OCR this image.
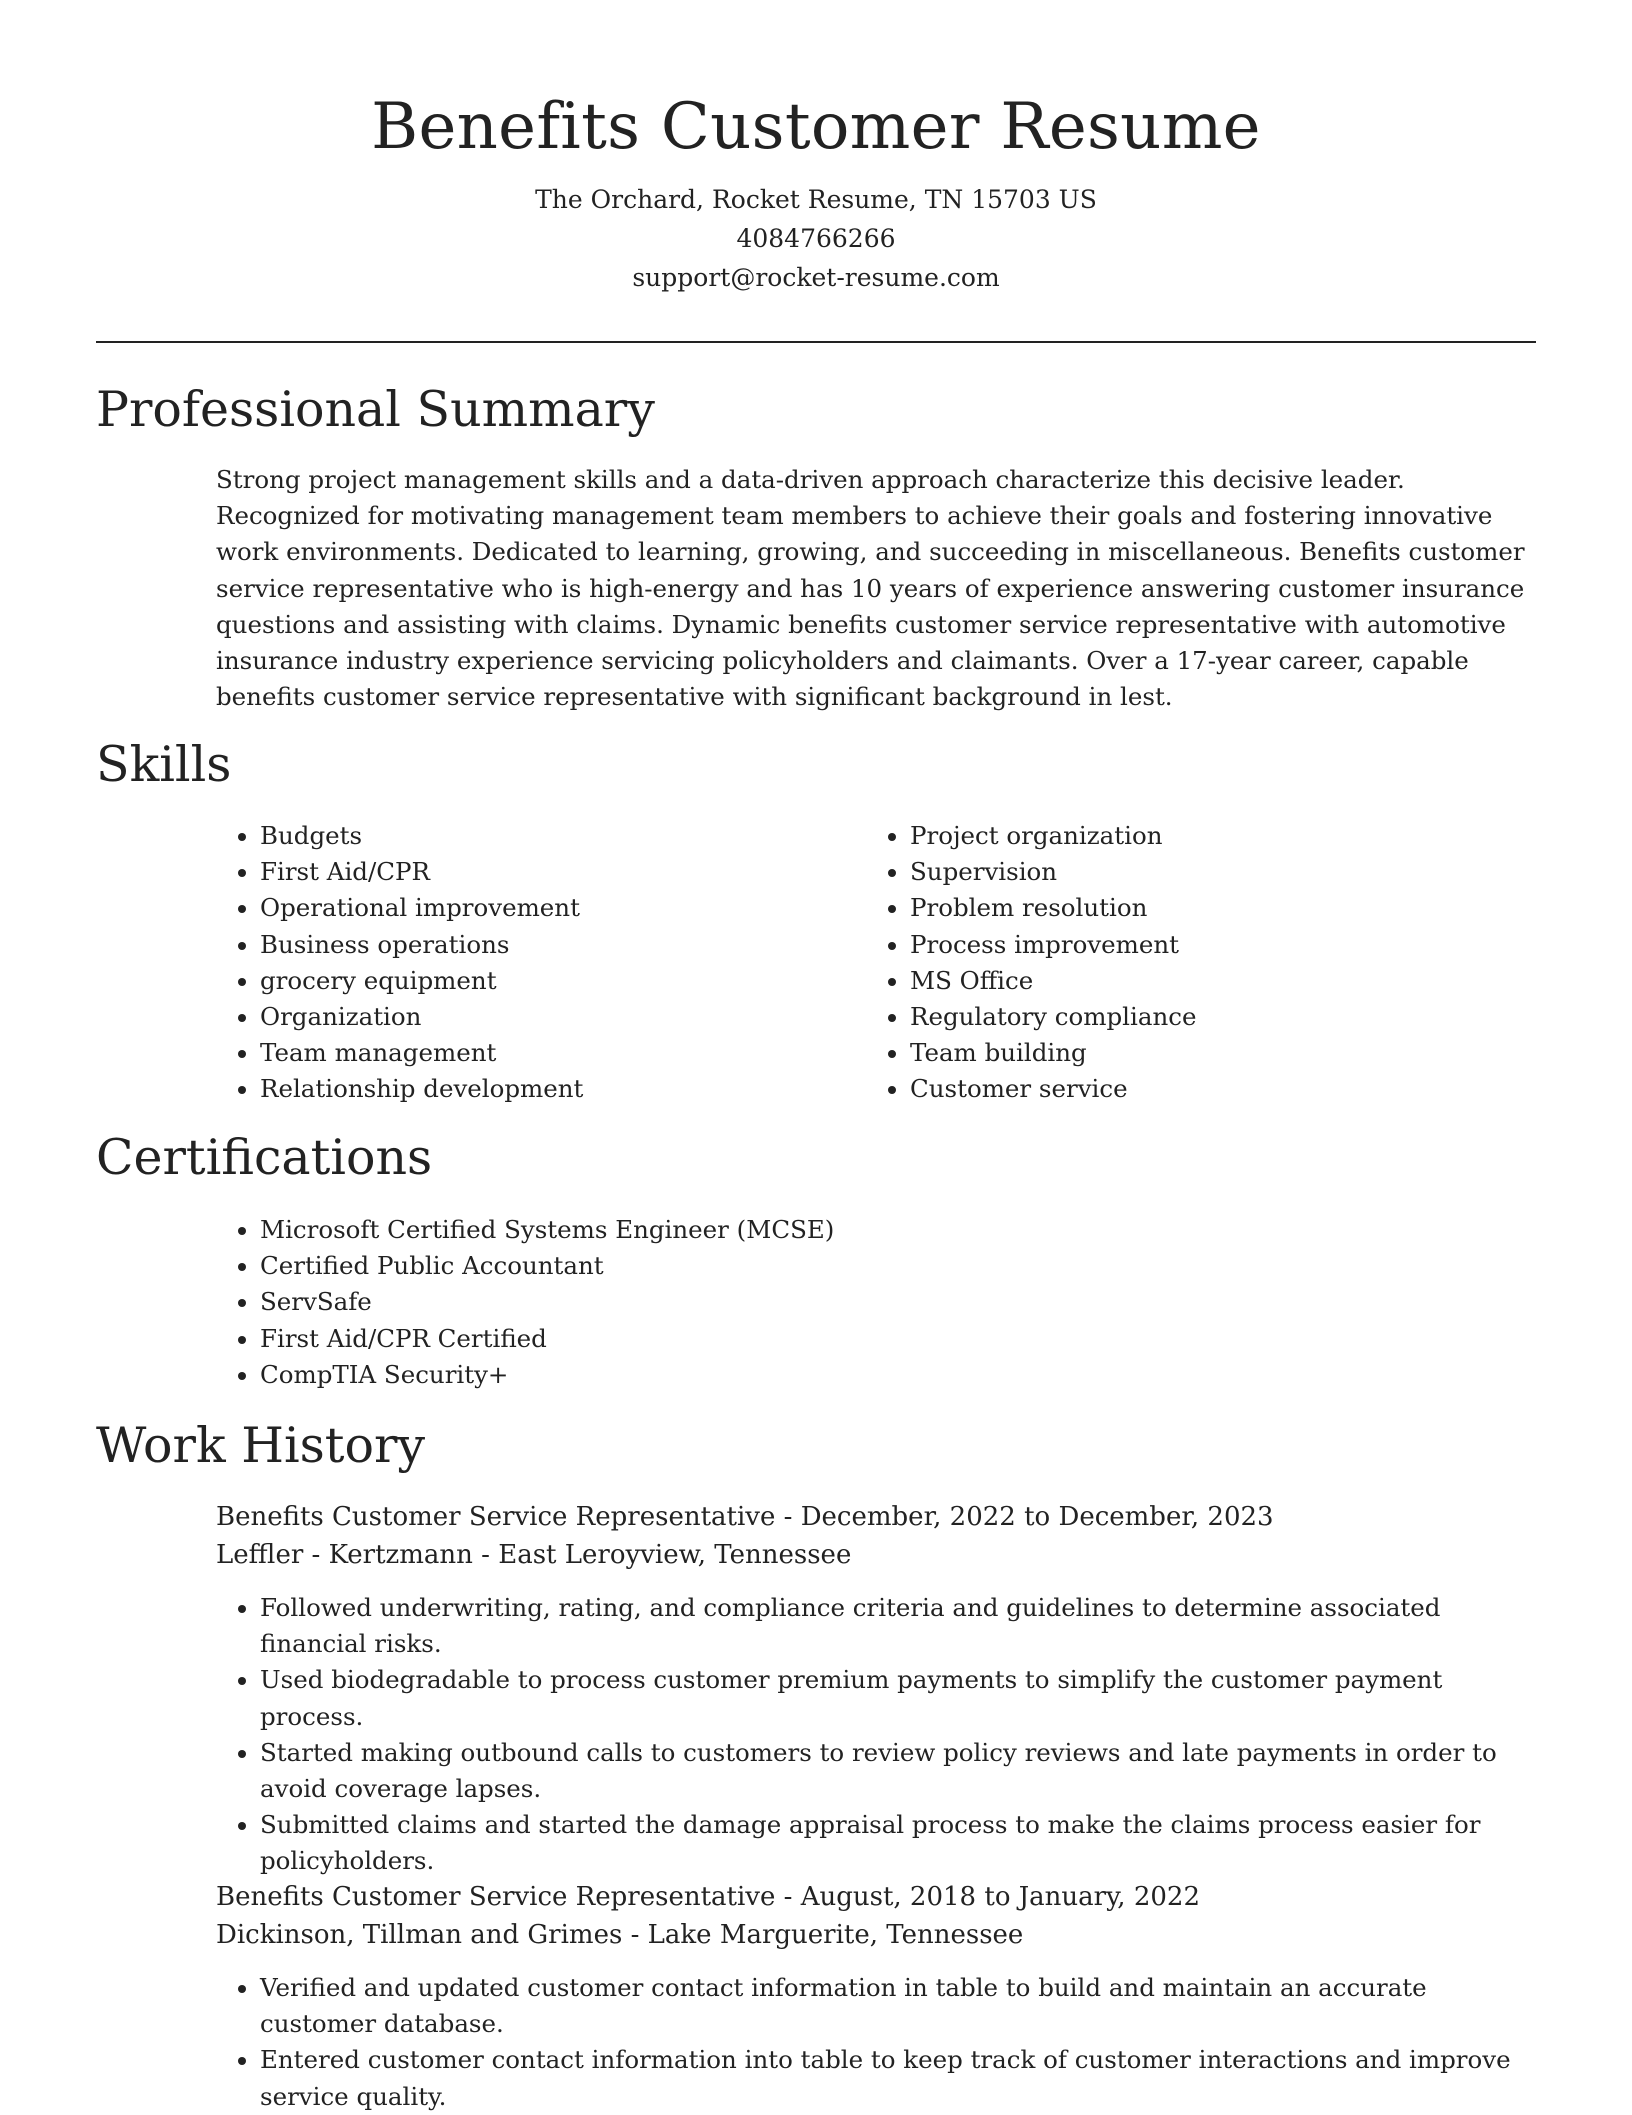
Benefits Customer Resume
The Orchard, Rocket Resume, TN 15703 US
4084766266
support@rocket-resume.com
Professional Summary

Strong project management skills and a data-driven approach characterize this decisive leader. Recognized for motivating management team members to achieve their goals and fostering innovative work environments. Dedicated to learning, growing, and succeeding in miscellaneous. Benefits customer service representative who is high-energy and has 10 years of experience answering customer insurance questions and assisting with claims. Dynamic benefits customer service representative with automotive insurance industry experience servicing policyholders and claimants. Over a 17-year career, capable benefits customer service representative with significant background in lest.

Skills
• Budgets
• First Aid/CPR
• Operational improvement
• Business operations
• grocery equipment
• Organization
• Team management
• Relationship development
• Project organization
• Supervision
• Problem resolution
• Process improvement
• MS Office
• Regulatory compliance
• Team building
• Customer service
Certifications
• Microsoft Certified Systems Engineer (MCSE)
• Certified Public Accountant
• ServSafe
• First Aid/CPR Certified
• CompTIA Security+
Work History
Benefits Customer Service Representative - December, 2022 to December, 2023
Leffler - Kertzmann - East Leroyview, Tennessee
• Followed underwriting, rating, and compliance criteria and guidelines to determine associated financial risks.
• Used biodegradable to process customer premium payments to simplify the customer payment process.
• Started making outbound calls to customers to review policy reviews and late payments in order to avoid coverage lapses.
• Submitted claims and started the damage appraisal process to make the claims process easier for policyholders.
Benefits Customer Service Representative - August, 2018 to January, 2022
Dickinson, Tillman and Grimes - Lake Marguerite, Tennessee
• Verified and updated customer contact information in table to build and maintain an accurate customer database.
• Entered customer contact information into table to keep track of customer interactions and improve service quality.
